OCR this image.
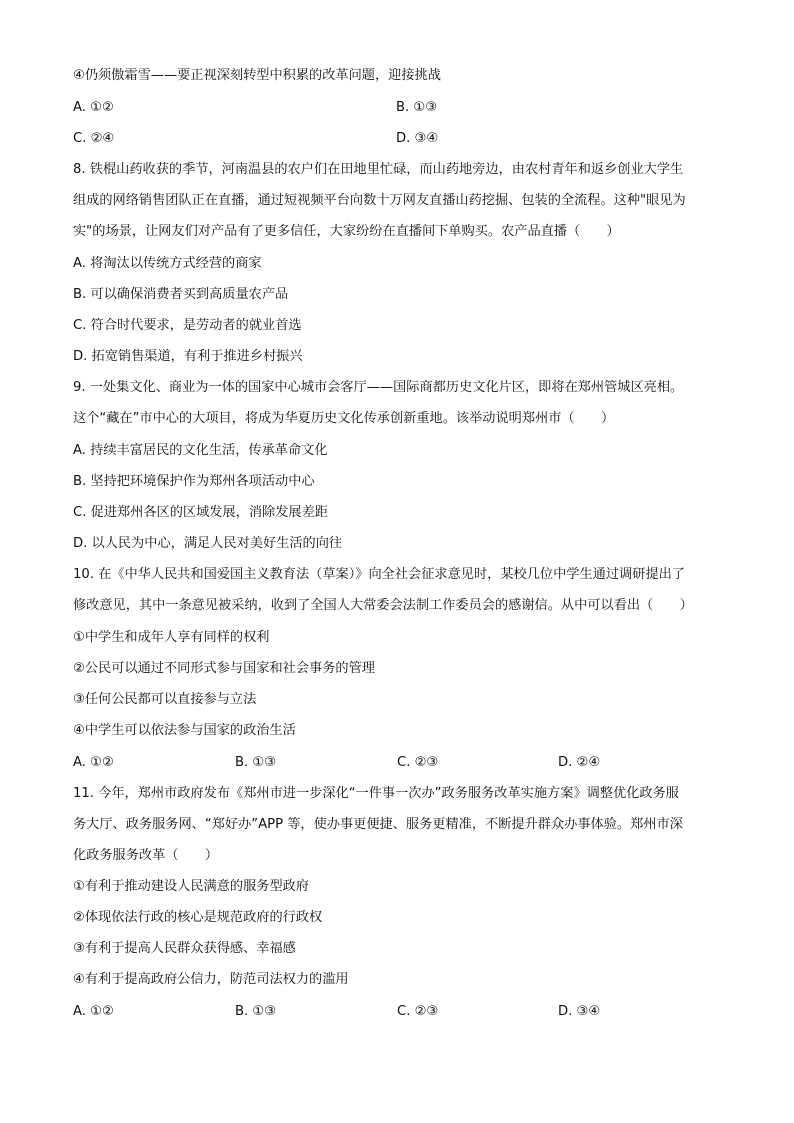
④仍须傲霜雪——要正视深刻转型中积累的改革问题，迎接挑战
A. ①②	B. ①③
C. ②④	D. ③④
8. 铁棍山药收获的季节，河南温县的农户们在田地里忙碌，而山药地旁边，由农村青年和返乡创业大学生
组成的网络销售团队正在直播，通过短视频平台向数十万网友直播山药挖掘、包装的全流程。这种"眼见为
实"的场景，让网友们对产品有了更多信任，大家纷纷在直播间下单购买。农产品直播（　　）
A. 将淘汰以传统方式经营的商家
B. 可以确保消费者买到高质量农产品
C. 符合时代要求，是劳动者的就业首选
D. 拓宽销售渠道，有利于推进乡村振兴
9. 一处集文化、商业为一体的国家中心城市会客厅——国际商都历史文化片区，即将在郑州管城区亮相。
这个“藏在”市中心的大项目，将成为华夏历史文化传承创新重地。该举动说明郑州市（　　）
A. 持续丰富居民的文化生活，传承革命文化
B. 坚持把环境保护作为郑州各项活动中心
C. 促进郑州各区的区域发展，消除发展差距
D. 以人民为中心，满足人民对美好生活的向往
10. 在《中华人民共和国爱国主义教育法（草案）》向全社会征求意见时，某校几位中学生通过调研提出了
修改意见，其中一条意见被采纳，收到了全国人大常委会法制工作委员会的感谢信。从中可以看出（　　）
①中学生和成年人享有同样的权利
②公民可以通过不同形式参与国家和社会事务的管理
③任何公民都可以直接参与立法
④中学生可以依法参与国家的政治生活
A. ①②	B. ①③	C. ②③	D. ②④
11. 今年，郑州市政府发布《郑州市进一步深化“一件事一次办”政务服务改革实施方案》调整优化政务服
务大厅、政务服务网、“郑好办”APP 等，使办事更便捷、服务更精准，不断提升群众办事体验。郑州市深
化政务服务改革（　　）
①有利于推动建设人民满意的服务型政府
②体现依法行政的核心是规范政府的行政权
③有利于提高人民群众获得感、幸福感
④有利于提高政府公信力，防范司法权力的滥用
A. ①②	B. ①③	C. ②③	D. ③④
